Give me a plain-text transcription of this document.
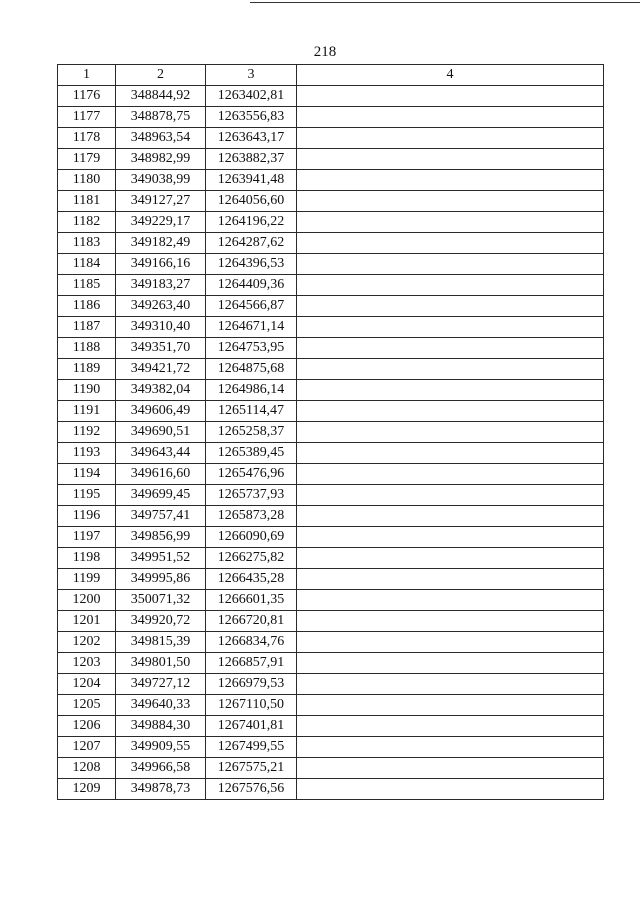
218
1	2	3	4
1176	348844,92	1263402,81	
1177	348878,75	1263556,83	
1178	348963,54	1263643,17	
1179	348982,99	1263882,37	
1180	349038,99	1263941,48	
1181	349127,27	1264056,60	
1182	349229,17	1264196,22	
1183	349182,49	1264287,62	
1184	349166,16	1264396,53	
1185	349183,27	1264409,36	
1186	349263,40	1264566,87	
1187	349310,40	1264671,14	
1188	349351,70	1264753,95	
1189	349421,72	1264875,68	
1190	349382,04	1264986,14	
1191	349606,49	1265114,47	
1192	349690,51	1265258,37	
1193	349643,44	1265389,45	
1194	349616,60	1265476,96	
1195	349699,45	1265737,93	
1196	349757,41	1265873,28	
1197	349856,99	1266090,69	
1198	349951,52	1266275,82	
1199	349995,86	1266435,28	
1200	350071,32	1266601,35	
1201	349920,72	1266720,81	
1202	349815,39	1266834,76	
1203	349801,50	1266857,91	
1204	349727,12	1266979,53	
1205	349640,33	1267110,50	
1206	349884,30	1267401,81	
1207	349909,55	1267499,55	
1208	349966,58	1267575,21	
1209	349878,73	1267576,56	
